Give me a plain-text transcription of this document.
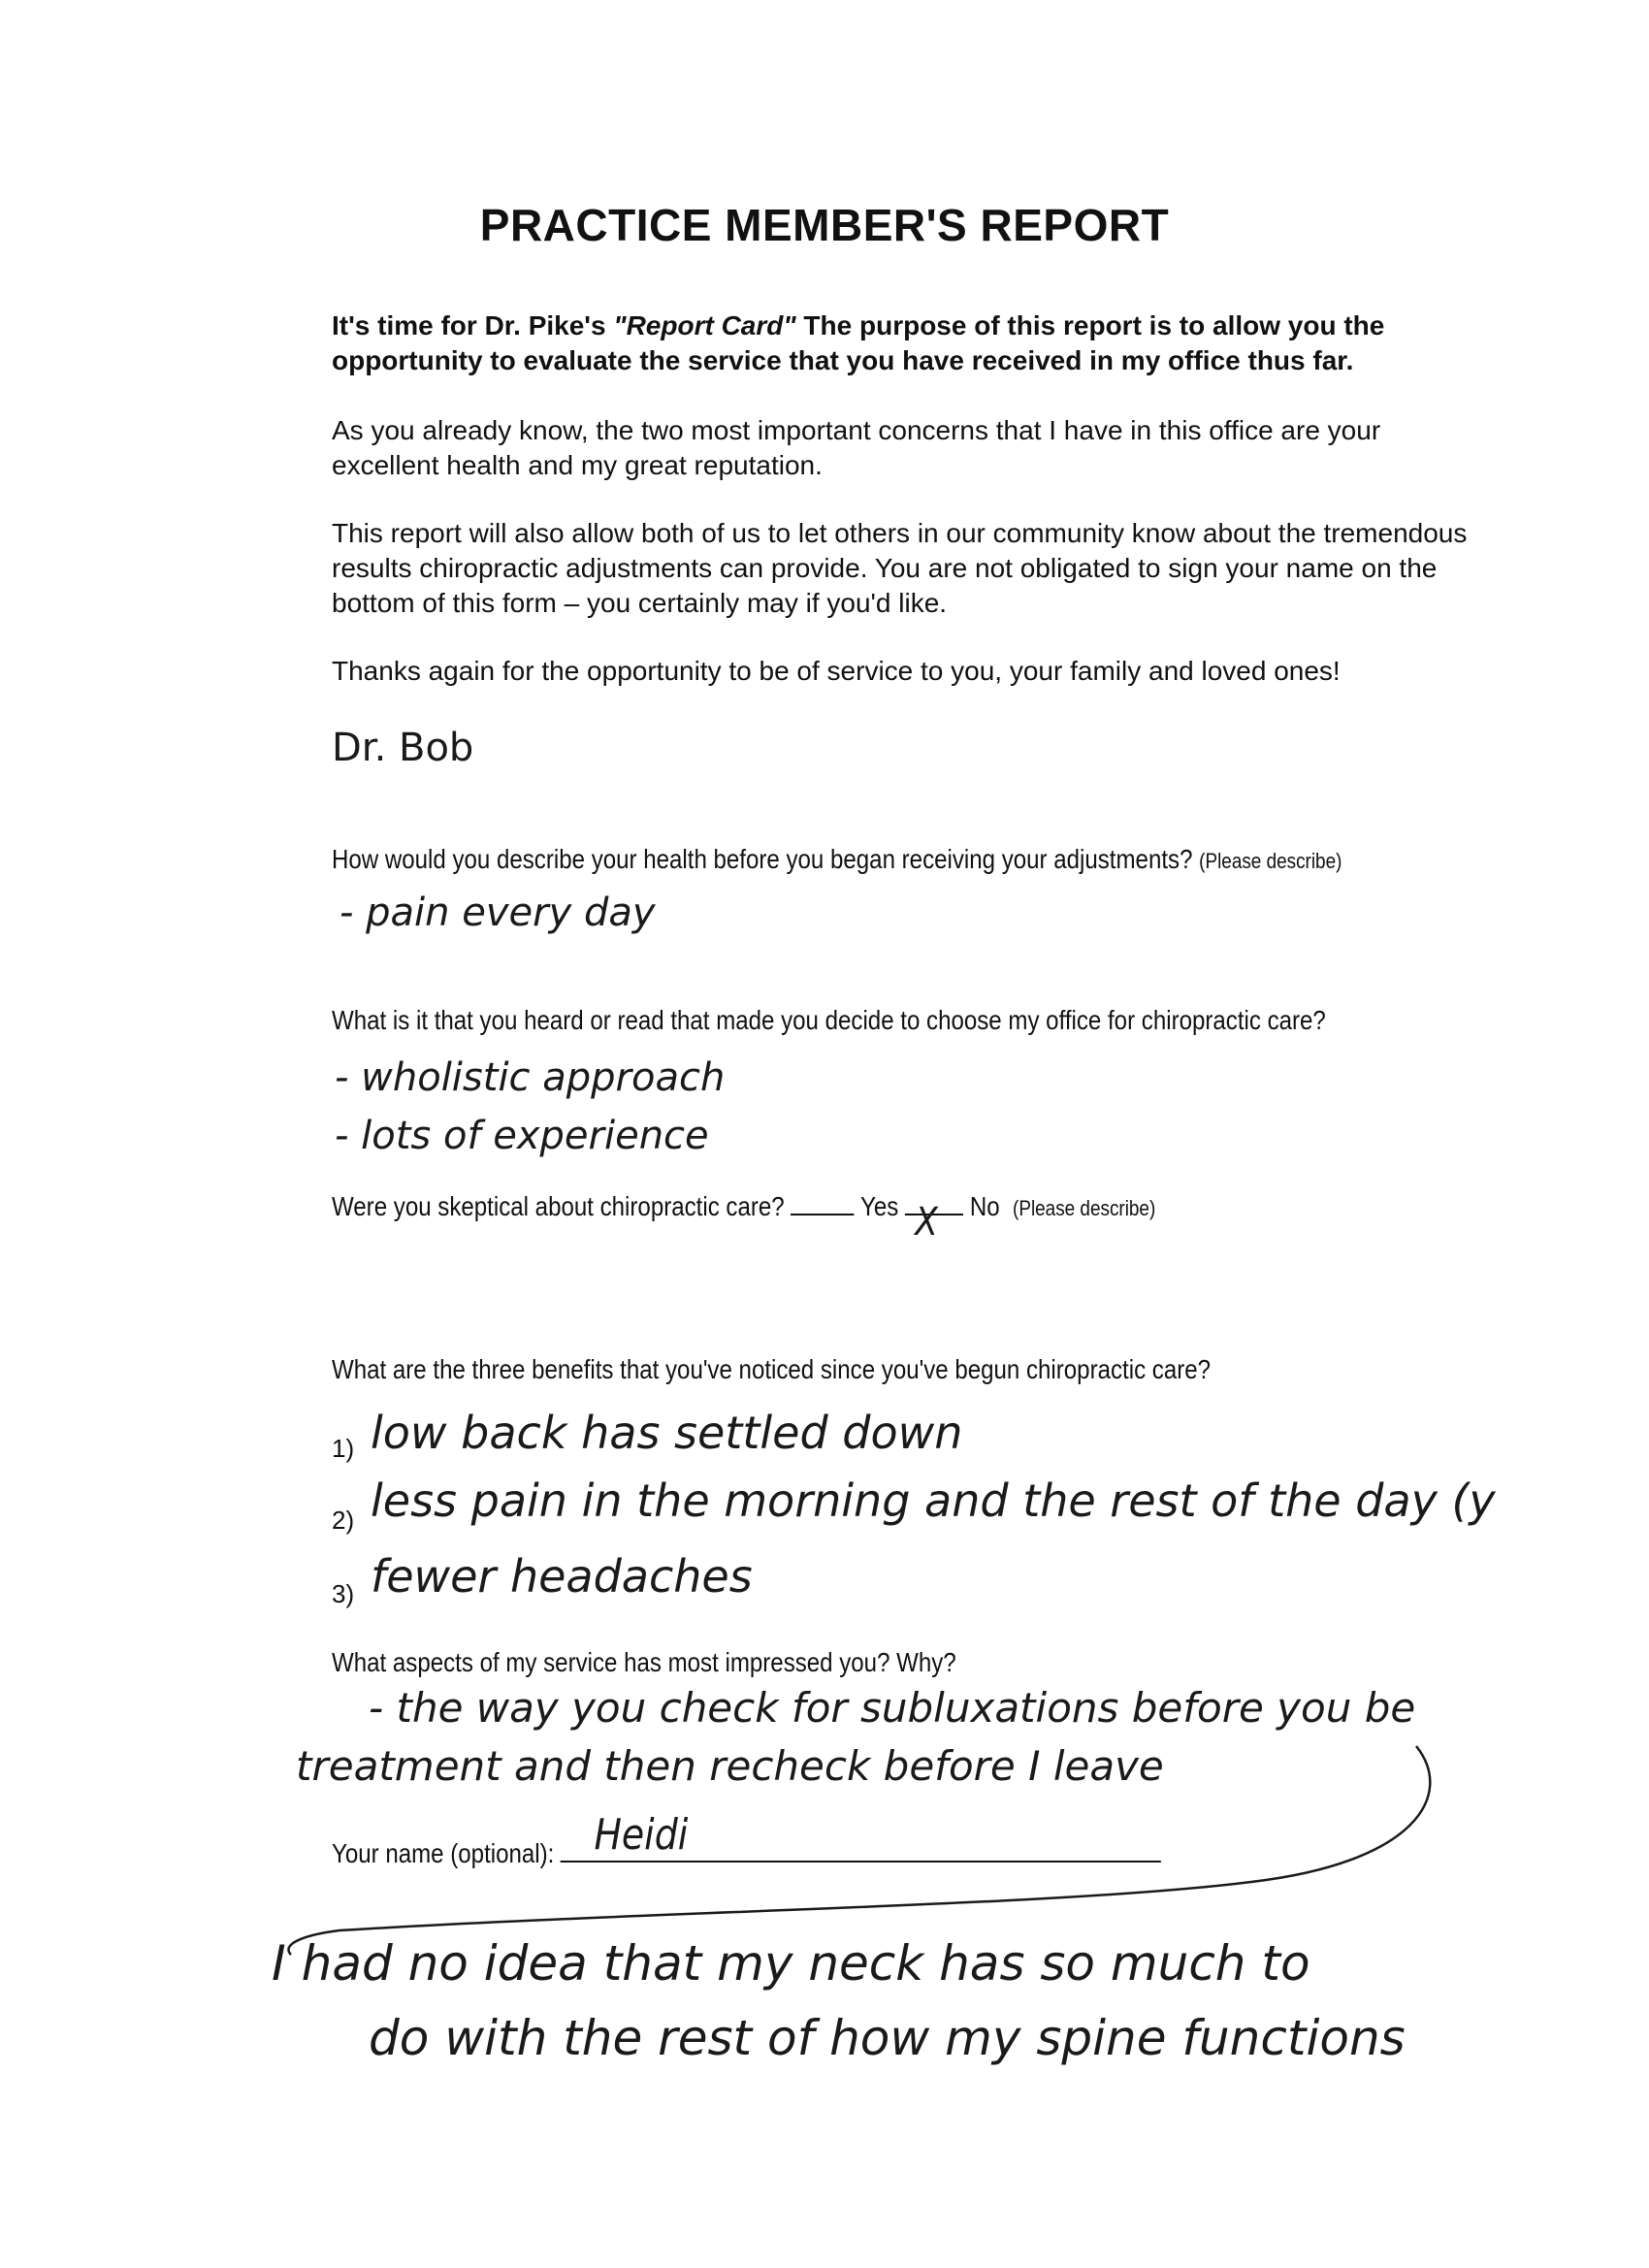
PRACTICE MEMBER'S REPORT
It's time for Dr. Pike's "Report Card" The purpose of this report is to allow you the opportunity to evaluate the service that you have received in my office thus far.
As you already know, the two most important concerns that I have in this office are your excellent health and my great reputation.
This report will also allow both of us to let others in our community know about the tremendous results chiropractic adjustments can provide. You are not obligated to sign your name on the bottom of this form – you certainly may if you'd like.
Thanks again for the opportunity to be of service to you, your family and loved ones!
Dr. Bob
How would you describe your health before you began receiving your adjustments? (Please describe)
- pain every day
What is it that you heard or read that made you decide to choose my office for chiropractic care?
- wholistic approach
- lots of experience
Were you skeptical about chiropractic care?	Yes X No (Please describe)
What are the three benefits that you've noticed since you've begun chiropractic care?
1) low back has settled down
2) less pain in the morning and the rest of the day (y
3) fewer headaches
What aspects of my service has most impressed you? Why?
- the way you check for subluxations before you be
treatment and then recheck before I leave
Your name (optional): Heidi
I had no idea that my neck has so much to
do with the rest of how my spine functions
